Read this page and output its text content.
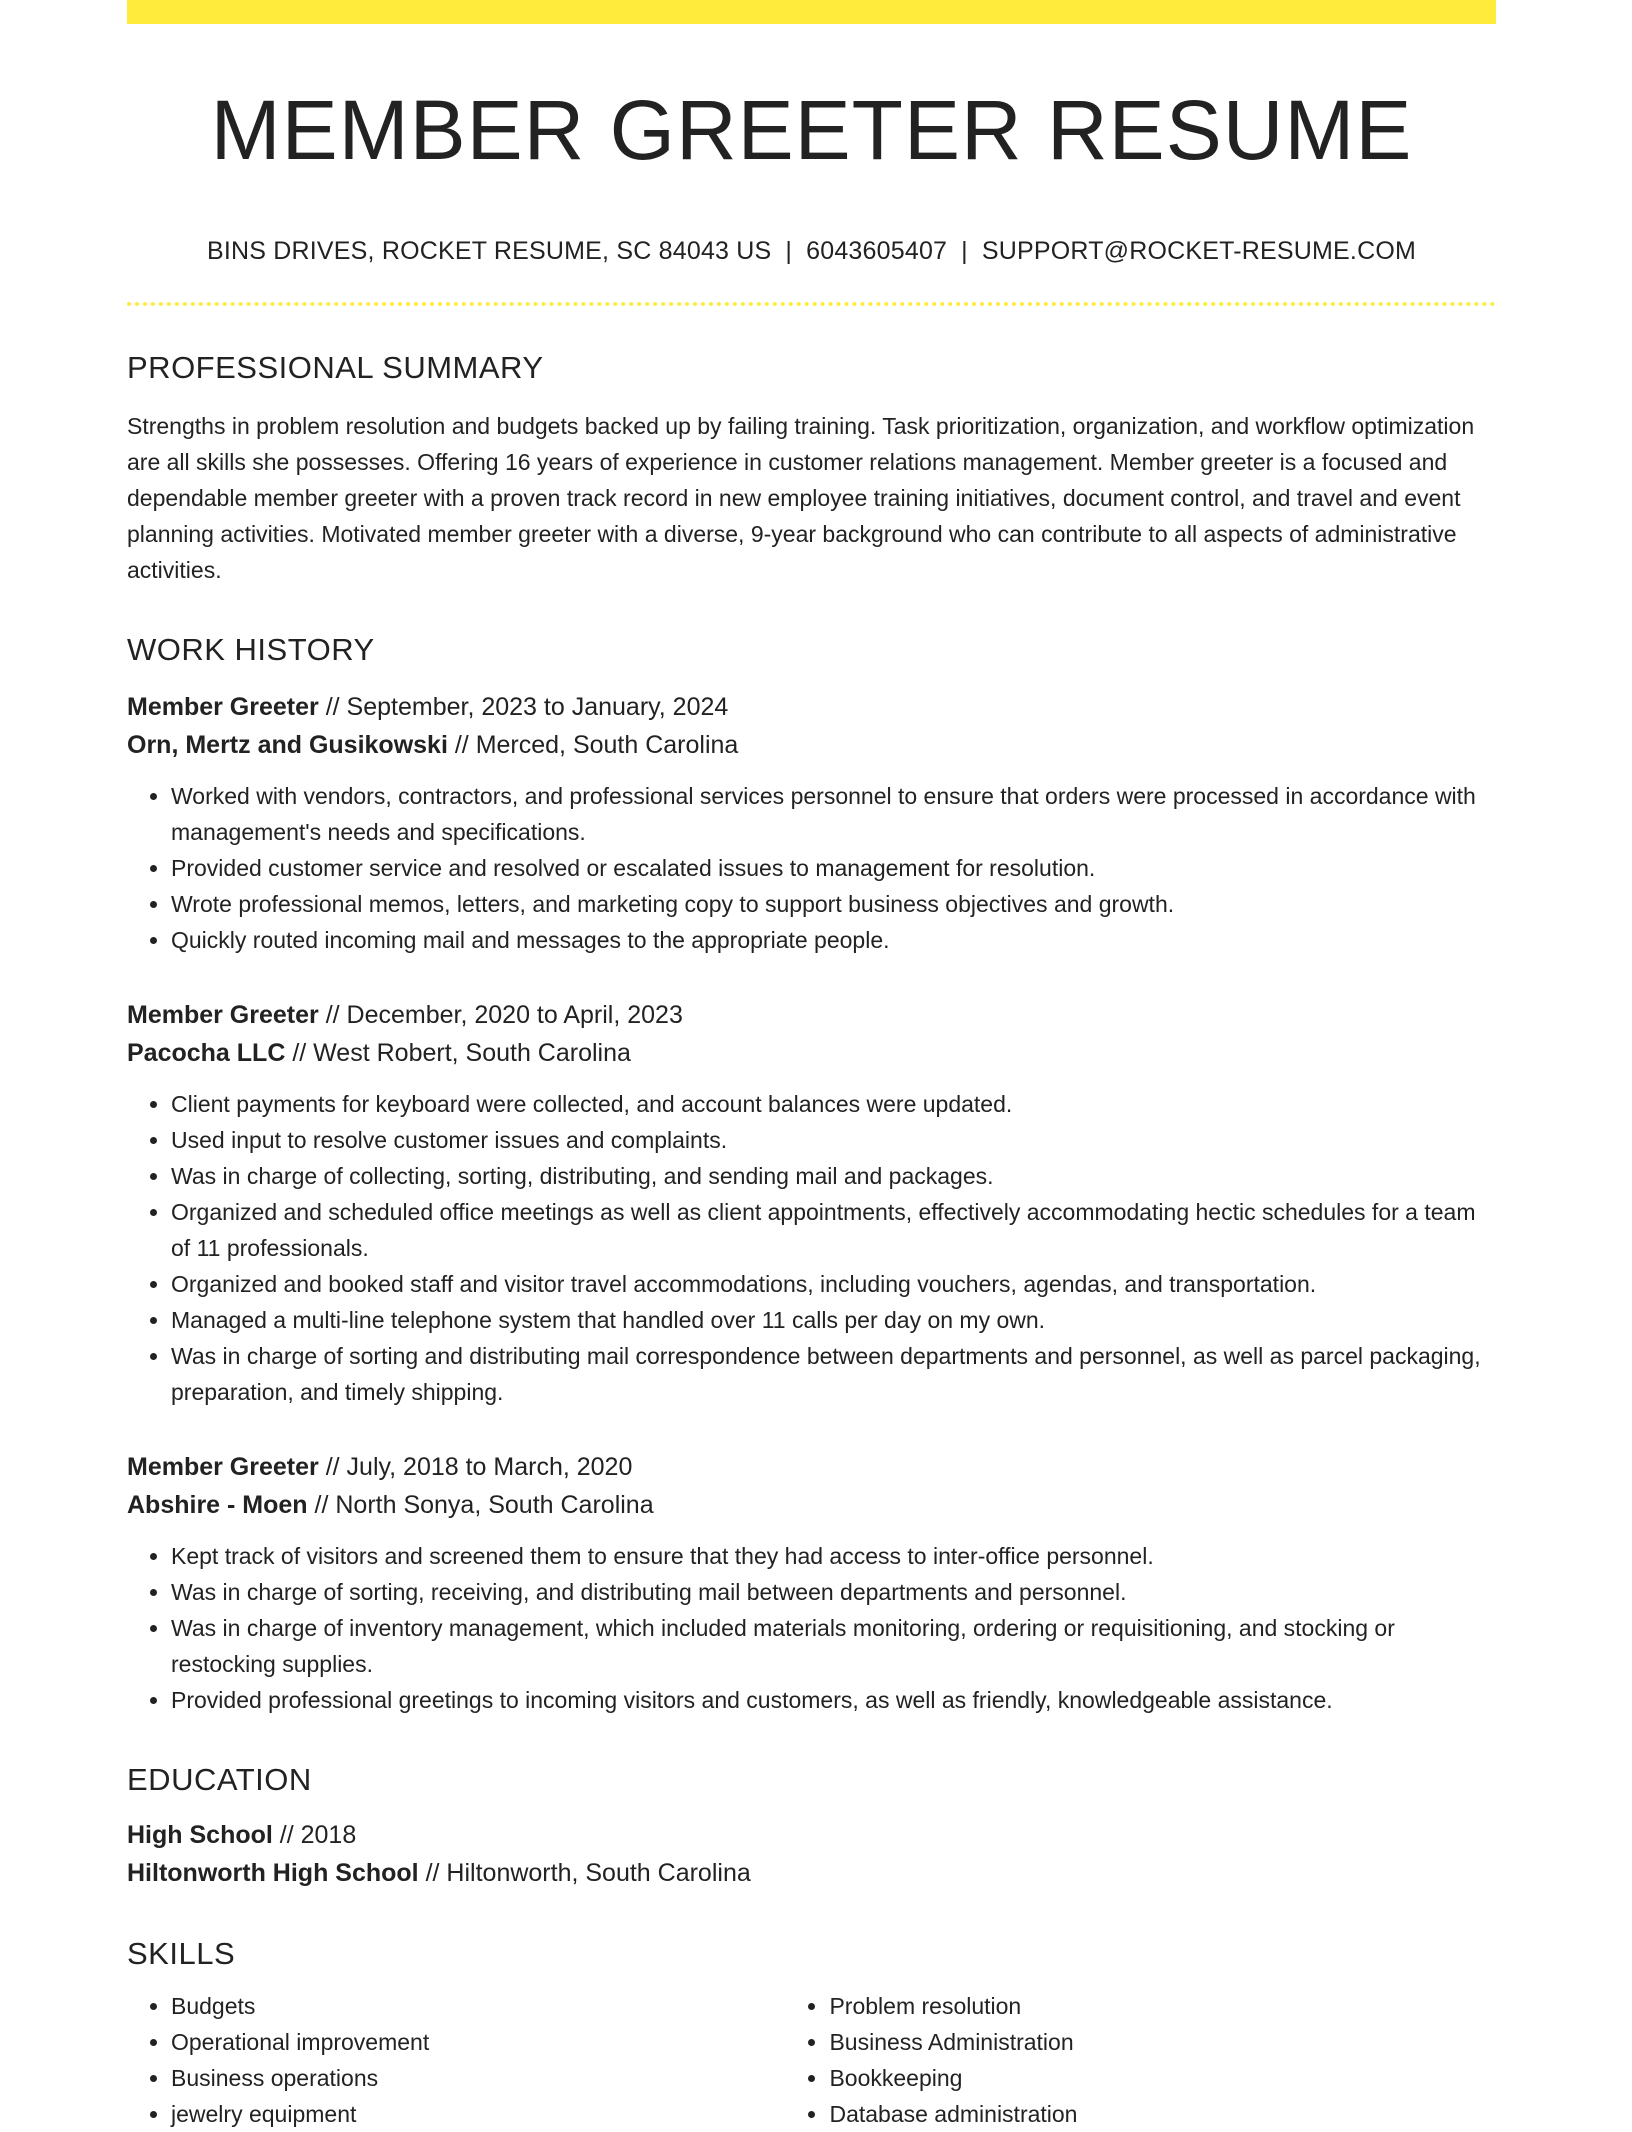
MEMBER GREETER RESUME
BINS DRIVES, ROCKET RESUME, SC 84043 US | 6043605407 | SUPPORT@ROCKET-RESUME.COM
PROFESSIONAL SUMMARY
Strengths in problem resolution and budgets backed up by failing training. Task prioritization, organization, and workflow optimization are all skills she possesses. Offering 16 years of experience in customer relations management. Member greeter is a focused and dependable member greeter with a proven track record in new employee training initiatives, document control, and travel and event planning activities. Motivated member greeter with a diverse, 9-year background who can contribute to all aspects of administrative activities.
WORK HISTORY
Member Greeter // September, 2023 to January, 2024
Orn, Mertz and Gusikowski // Merced, South Carolina
• Worked with vendors, contractors, and professional services personnel to ensure that orders were processed in accordance with management's needs and specifications.
• Provided customer service and resolved or escalated issues to management for resolution.
• Wrote professional memos, letters, and marketing copy to support business objectives and growth.
• Quickly routed incoming mail and messages to the appropriate people.
Member Greeter // December, 2020 to April, 2023
Pacocha LLC // West Robert, South Carolina
• Client payments for keyboard were collected, and account balances were updated.
• Used input to resolve customer issues and complaints.
• Was in charge of collecting, sorting, distributing, and sending mail and packages.
• Organized and scheduled office meetings as well as client appointments, effectively accommodating hectic schedules for a team of 11 professionals.
• Organized and booked staff and visitor travel accommodations, including vouchers, agendas, and transportation.
• Managed a multi-line telephone system that handled over 11 calls per day on my own.
• Was in charge of sorting and distributing mail correspondence between departments and personnel, as well as parcel packaging, preparation, and timely shipping.
Member Greeter // July, 2018 to March, 2020
Abshire - Moen // North Sonya, South Carolina
• Kept track of visitors and screened them to ensure that they had access to inter-office personnel.
• Was in charge of sorting, receiving, and distributing mail between departments and personnel.
• Was in charge of inventory management, which included materials monitoring, ordering or requisitioning, and stocking or restocking supplies.
• Provided professional greetings to incoming visitors and customers, as well as friendly, knowledgeable assistance.
EDUCATION
High School // 2018
Hiltonworth High School // Hiltonworth, South Carolina
SKILLS
• Budgets
• Operational improvement
• Business operations
• jewelry equipment
• Problem resolution
• Business Administration
• Bookkeeping
• Database administration
